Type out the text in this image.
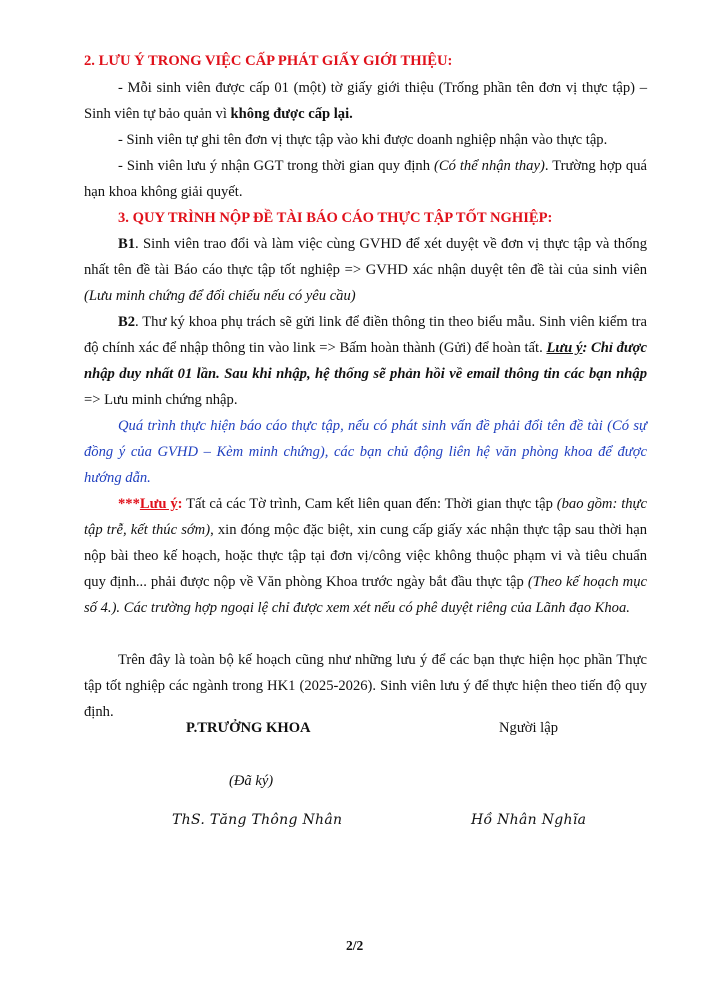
2. LƯU Ý TRONG VIỆC CẤP PHÁT GIẤY GIỚI THIỆU:

- Mỗi sinh viên được cấp 01 (một) tờ giấy giới thiệu (Trống phần tên đơn vị thực tập) – Sinh viên tự bảo quản vì không được cấp lại.

- Sinh viên tự ghi tên đơn vị thực tập vào khi được doanh nghiệp nhận vào thực tập.

- Sinh viên lưu ý nhận GGT trong thời gian quy định (Có thể nhận thay). Trường hợp quá hạn khoa không giải quyết.

3. QUY TRÌNH NỘP ĐỀ TÀI BÁO CÁO THỰC TẬP TỐT NGHIỆP:

B1. Sinh viên trao đổi và làm việc cùng GVHD để xét duyệt về đơn vị thực tập và thống nhất tên đề tài Báo cáo thực tập tốt nghiệp => GVHD xác nhận duyệt tên đề tài của sinh viên (Lưu minh chứng để đối chiếu nếu có yêu cầu)

B2. Thư ký khoa phụ trách sẽ gửi link để điền thông tin theo biểu mẫu. Sinh viên kiểm tra độ chính xác để nhập thông tin vào link => Bấm hoàn thành (Gửi) để hoàn tất. Lưu ý: Chỉ được nhập duy nhất 01 lần. Sau khi nhập, hệ thống sẽ phản hồi về email thông tin các bạn nhập => Lưu minh chứng nhập.

Quá trình thực hiện báo cáo thực tập, nếu có phát sinh vấn đề phải đổi tên đề tài (Có sự đồng ý của GVHD – Kèm minh chứng), các bạn chủ động liên hệ văn phòng khoa để được hướng dẫn.

***Lưu ý: Tất cả các Tờ trình, Cam kết liên quan đến: Thời gian thực tập (bao gồm: thực tập trễ, kết thúc sớm), xin đóng mộc đặc biệt, xin cung cấp giấy xác nhận thực tập sau thời hạn nộp bài theo kế hoạch, hoặc thực tập tại đơn vị/công việc không thuộc phạm vi và tiêu chuẩn quy định... phải được nộp về Văn phòng Khoa trước ngày bắt đầu thực tập (Theo kế hoạch mục số 4.). Các trường hợp ngoại lệ chỉ được xem xét nếu có phê duyệt riêng của Lãnh đạo Khoa.

Trên đây là toàn bộ kế hoạch cũng như những lưu ý để các bạn thực hiện học phần Thực tập tốt nghiệp các ngành trong HK1 (2025-2026). Sinh viên lưu ý để thực hiện theo tiến độ quy định.

P.TRƯỞNG KHOA	Người lập
(Đã ký)
ThS. Tăng Thông Nhân	Hồ Nhân Nghĩa
2/2
